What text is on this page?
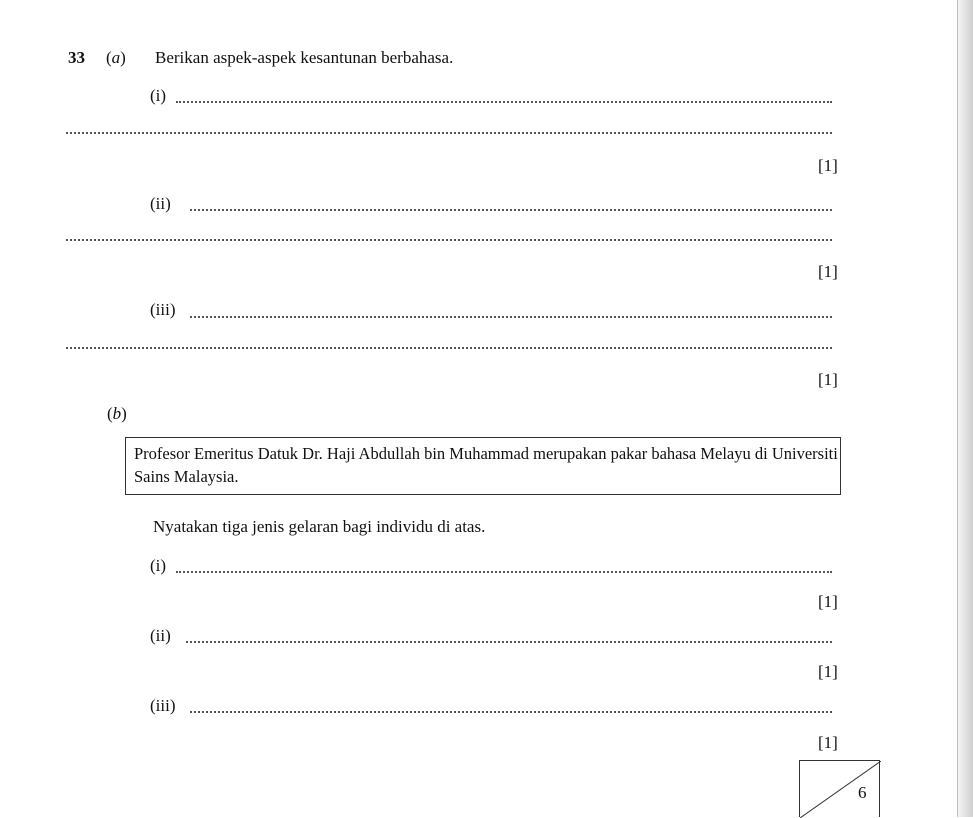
33 (a) Berikan aspek-aspek kesantunan berbahasa.
(i)
[1]
(ii)
[1]
(iii)
[1]
(b)
Profesor Emeritus Datuk Dr. Haji Abdullah bin Muhammad merupakan pakar bahasa Melayu di Universiti Sains Malaysia.
Nyatakan tiga jenis gelaran bagi individu di atas.
(i)
[1]
(ii)
[1]
(iii)
[1]
6
